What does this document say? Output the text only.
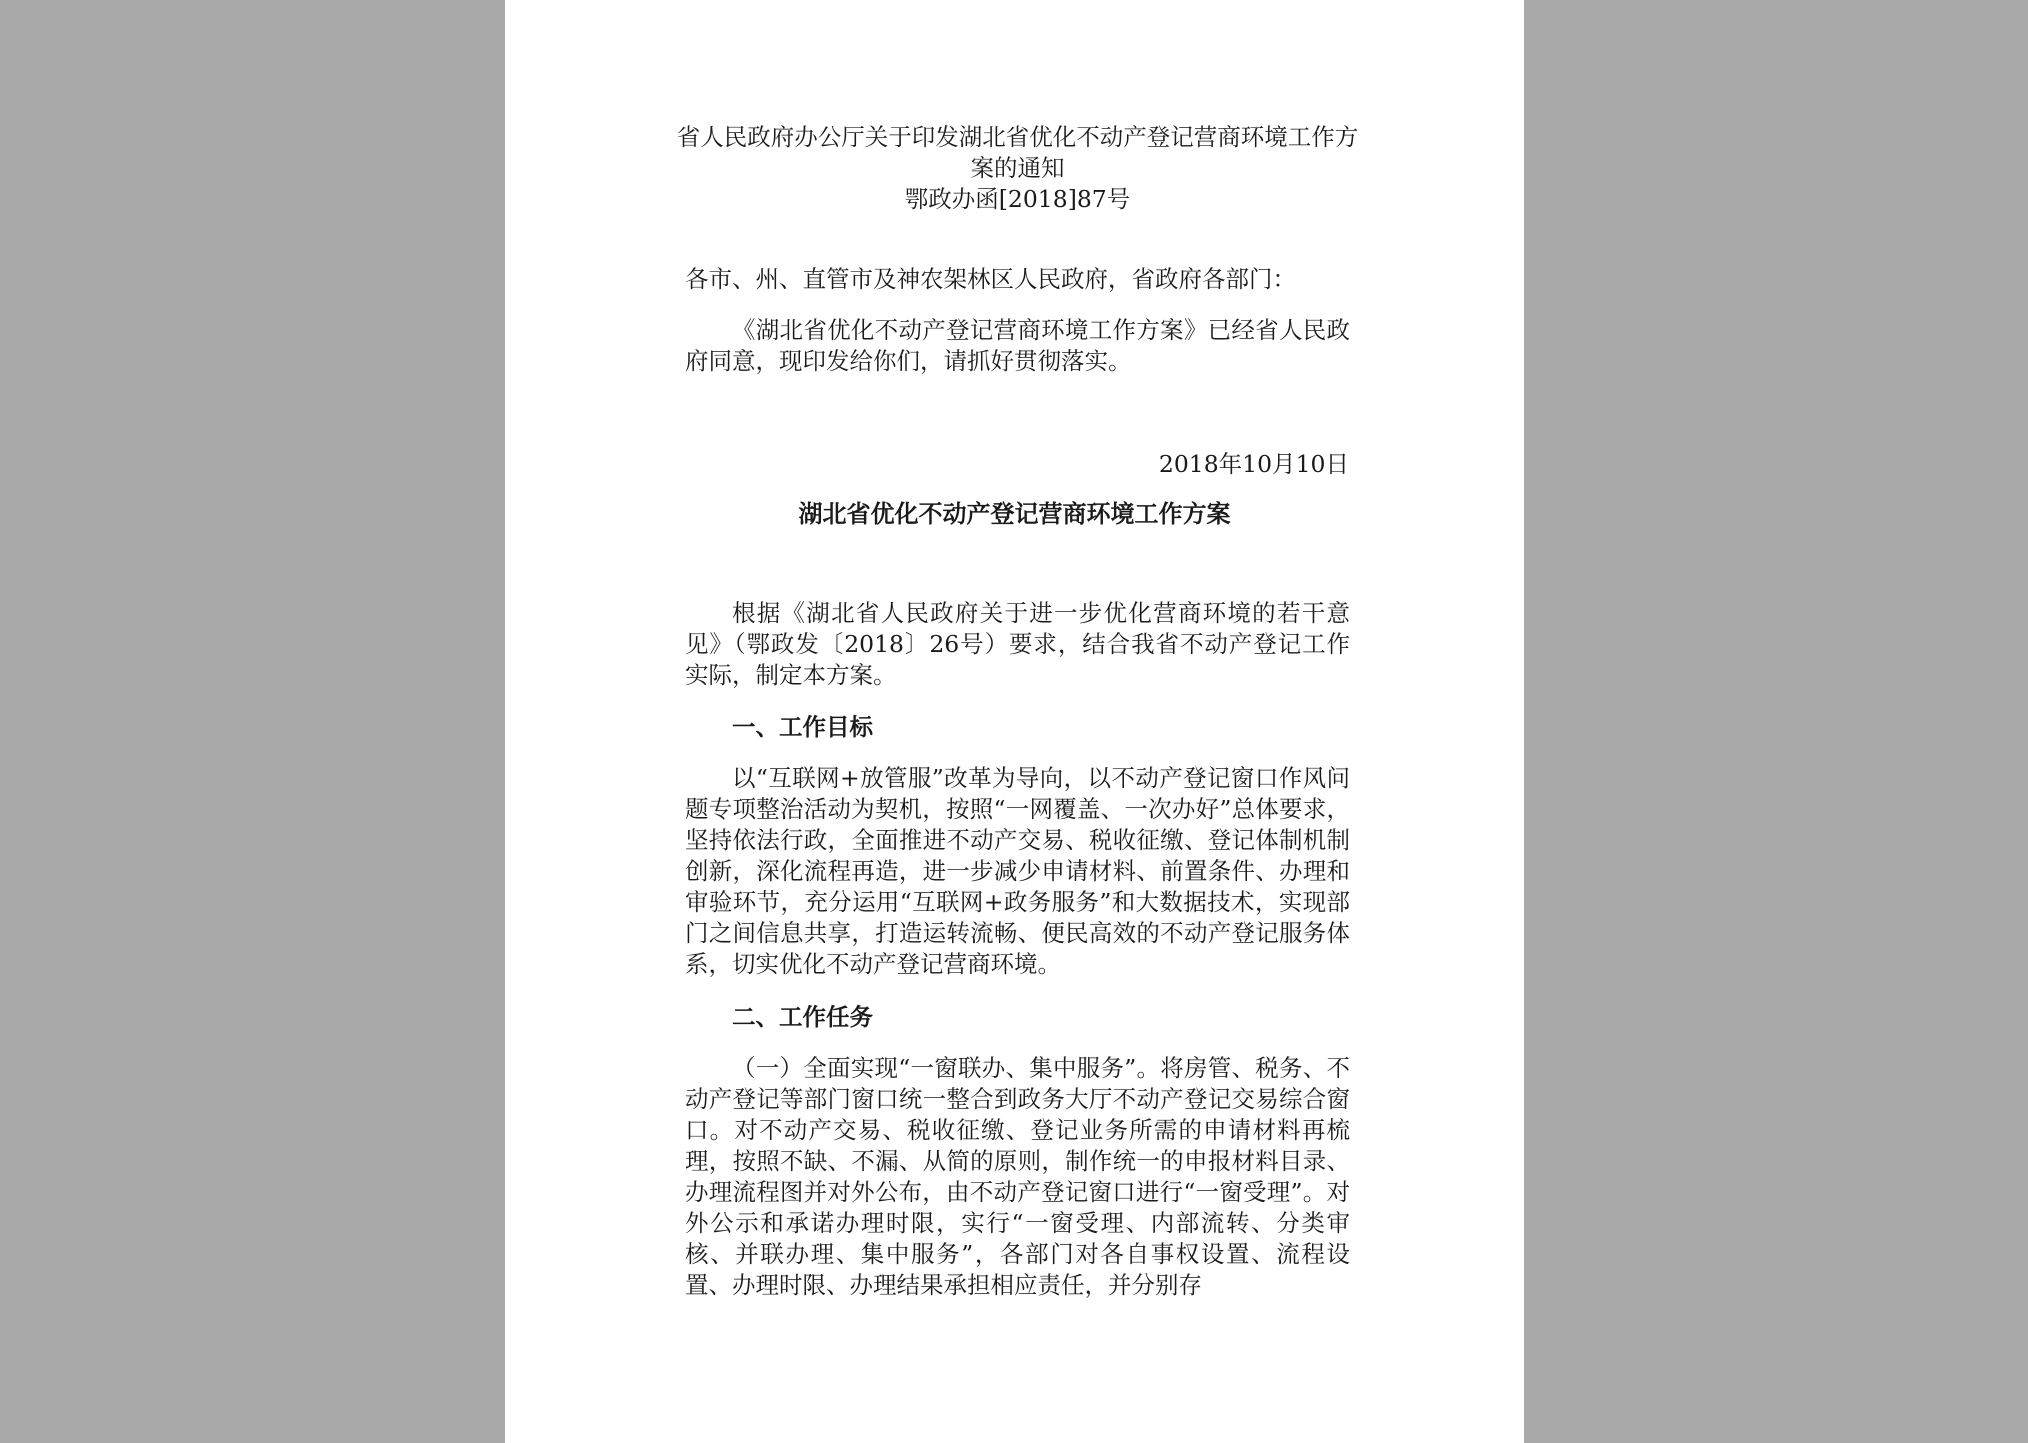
省人民政府办公厅关于印发湖北省优化不动产登记营商环境工作方
案的通知
鄂政办函[2018]87号
各市、州、直管市及神农架林区人民政府，省政府各部门：

《湖北省优化不动产登记营商环境工作方案》已经省人民政府同意，现印发给你们，请抓好贯彻落实。

2018年10月10日
湖北省优化不动产登记营商环境工作方案

根据《湖北省人民政府关于进一步优化营商环境的若干意见》（鄂政发〔2018〕26号）要求，结合我省不动产登记工作实际，制定本方案。

一、工作目标

以“互联网+放管服”改革为导向，以不动产登记窗口作风问题专项整治活动为契机，按照“一网覆盖、一次办好”总体要求，坚持依法行政，全面推进不动产交易、税收征缴、登记体制机制创新，深化流程再造，进一步减少申请材料、前置条件、办理和审验环节，充分运用“互联网+政务服务”和大数据技术，实现部门之间信息共享，打造运转流畅、便民高效的不动产登记服务体系，切实优化不动产登记营商环境。

二、工作任务

（一）全面实现“一窗联办、集中服务”。将房管、税务、不动产登记等部门窗口统一整合到政务大厅不动产登记交易综合窗口。对不动产交易、税收征缴、登记业务所需的申请材料再梳理，按照不缺、不漏、从简的原则，制作统一的申报材料目录、办理流程图并对外公布，由不动产登记窗口进行“一窗受理”。对外公示和承诺办理时限，实行“一窗受理、内部流转、分类审核、并联办理、集中服务”，各部门对各自事权设置、流程设置、办理时限、办理结果承担相应责任，并分别存
